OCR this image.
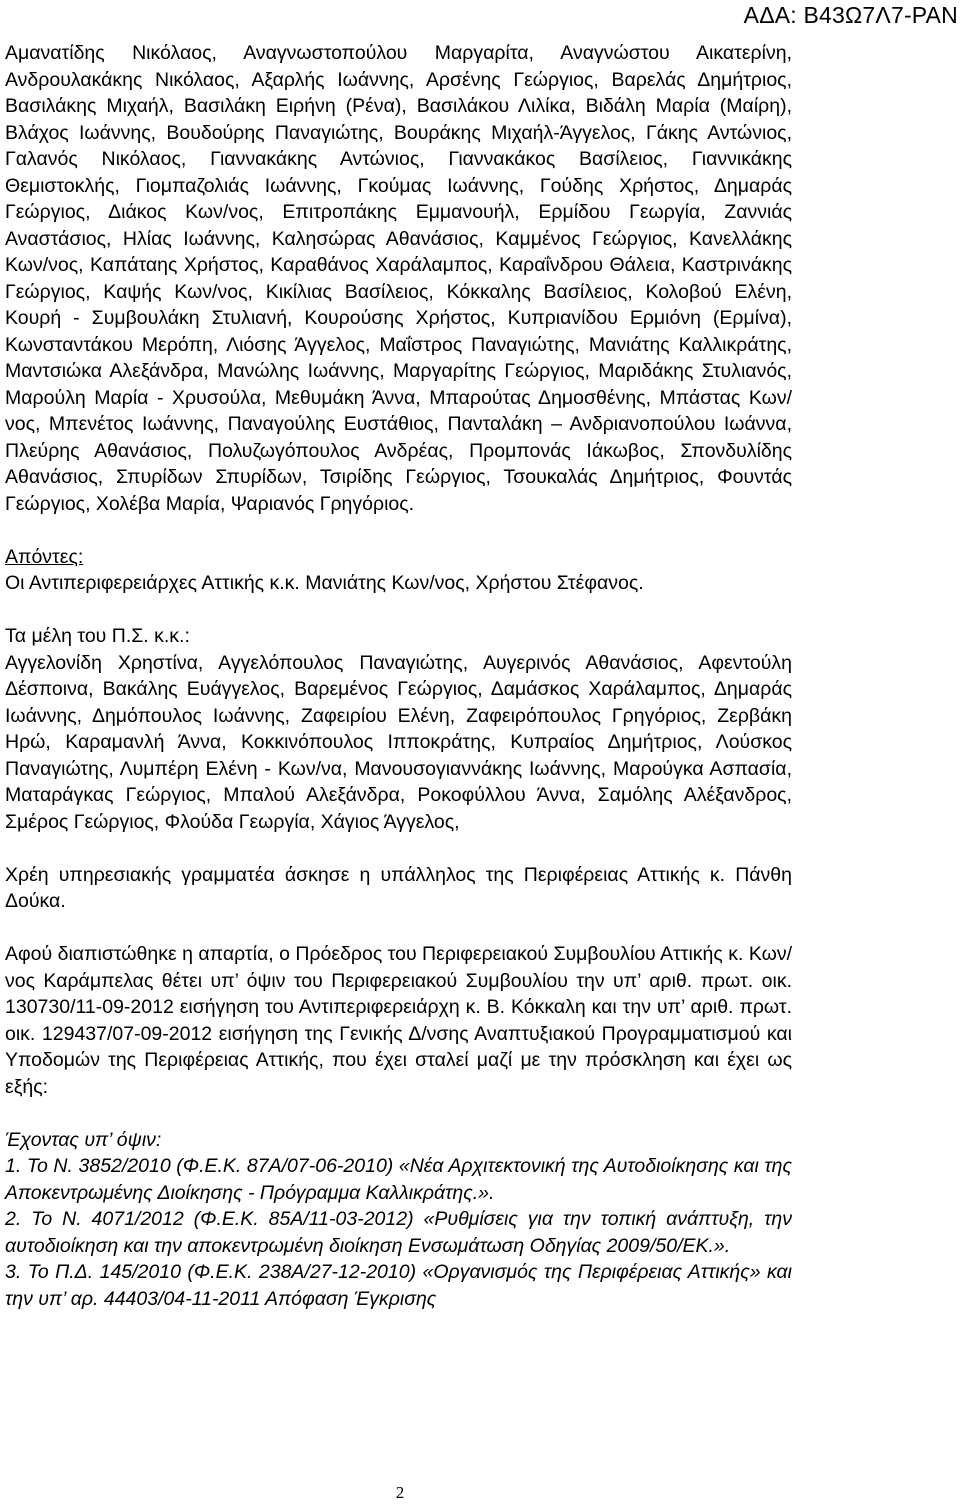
ΑΔΑ: Β43Ω7Λ7-ΡΑΝ

Αμανατίδης Νικόλαος, Αναγνωστοπούλου Μαργαρίτα, Αναγνώστου Αικατερίνη, Ανδρουλακάκης Νικόλαος, Αξαρλής Ιωάννης, Αρσένης Γεώργιος, Βαρελάς Δημήτριος, Βασιλάκης Μιχαήλ, Βασιλάκη Ειρήνη (Ρένα), Βασιλάκου Λιλίκα, Βιδάλη Μαρία (Μαίρη), Βλάχος Ιωάννης, Βουδούρης Παναγιώτης, Βουράκης Μιχαήλ-Άγγελος, Γάκης Αντώνιος, Γαλανός Νικόλαος, Γιαννακάκης Αντώνιος, Γιαννακάκος Βασίλειος, Γιαννικάκης Θεμιστοκλής, Γιομπαζολιάς Ιωάννης, Γκούμας Ιωάννης, Γούδης Χρήστος, Δημαράς Γεώργιος, Διάκος Κων/νος, Επιτροπάκης Εμμανουήλ, Ερμίδου Γεωργία, Ζαννιάς Αναστάσιος, Ηλίας Ιωάννης, Καλησώρας Αθανάσιος, Καμμένος Γεώργιος, Κανελλάκης Κων/νος, Καπάταης Χρήστος, Καραθάνος Χαράλαμπος, Καραΐνδρου Θάλεια, Καστρινάκης Γεώργιος, Καψής Κων/νος, Κικίλιας Βασίλειος, Κόκκαλης Βασίλειος, Κολοβού Ελένη, Κουρή - Συμβουλάκη Στυλιανή, Κουρούσης Χρήστος, Κυπριανίδου Ερμιόνη (Ερμίνα), Κωνσταντάκου Μερόπη, Λιόσης Άγγελος, Μαΐστρος Παναγιώτης, Μανιάτης Καλλικράτης, Μαντσιώκα Αλεξάνδρα, Μανώλης Ιωάννης, Μαργαρίτης Γεώργιος, Μαριδάκης Στυλιανός, Μαρούλη Μαρία - Χρυσούλα, Μεθυμάκη Άννα, Μπαρούτας Δημοσθένης, Μπάστας Κων/νος, Μπενέτος Ιωάννης, Παναγούλης Ευστάθιος, Πανταλάκη – Ανδριανοπούλου Ιωάννα, Πλεύρης Αθανάσιος, Πολυζωγόπουλος Ανδρέας, Προμπονάς Ιάκωβος, Σπονδυλίδης Αθανάσιος, Σπυρίδων Σπυρίδων, Τσιρίδης Γεώργιος, Τσουκαλάς Δημήτριος, Φουντάς Γεώργιος, Χολέβα Μαρία, Ψαριανός Γρηγόριος.

Απόντες:

Οι Αντιπεριφερειάρχες Αττικής κ.κ. Μανιάτης Κων/νος, Χρήστου Στέφανος.

Τα μέλη του Π.Σ. κ.κ.:

Αγγελονίδη Χρηστίνα, Αγγελόπουλος Παναγιώτης, Αυγερινός Αθανάσιος, Αφεντούλη Δέσποινα, Βακάλης Ευάγγελος, Βαρεμένος Γεώργιος, Δαμάσκος Χαράλαμπος, Δημαράς Ιωάννης, Δημόπουλος Ιωάννης, Ζαφειρίου Ελένη, Ζαφειρόπουλος Γρηγόριος, Ζερβάκη Ηρώ, Καραμανλή Άννα, Κοκκινόπουλος Ιπποκράτης, Κυπραίος Δημήτριος, Λούσκος Παναγιώτης, Λυμπέρη Ελένη - Κων/να, Μανουσογιαννάκης Ιωάννης, Μαρούγκα Ασπασία, Ματαράγκας Γεώργιος, Μπαλού Αλεξάνδρα, Ροκοφύλλου Άννα, Σαμόλης Αλέξανδρος, Σμέρος Γεώργιος, Φλούδα Γεωργία, Χάγιος Άγγελος,

Χρέη υπηρεσιακής γραμματέα άσκησε η υπάλληλος της Περιφέρειας Αττικής κ. Πάνθη Δούκα.

Αφού διαπιστώθηκε η απαρτία, ο Πρόεδρος του Περιφερειακού Συμβουλίου Αττικής κ. Κων/νος Καράμπελας θέτει υπ’ όψιν του Περιφερειακού Συμβουλίου την υπ’ αριθ. πρωτ. οικ. 130730/11-09-2012 εισήγηση του Αντιπεριφερειάρχη κ. Β. Κόκκαλη και την υπ’ αριθ. πρωτ. οικ. 129437/07-09-2012 εισήγηση της Γενικής Δ/νσης Αναπτυξιακού Προγραμματισμού και Υποδομών της Περιφέρειας Αττικής, που έχει σταλεί μαζί με την πρόσκληση και έχει ως εξής:

Έχοντας υπ’ όψιν:

1. Το Ν. 3852/2010 (Φ.Ε.Κ. 87Α/07-06-2010) «Νέα Αρχιτεκτονική της Αυτοδιοίκησης και της Αποκεντρωμένης Διοίκησης - Πρόγραμμα Καλλικράτης.».

2. Το Ν. 4071/2012 (Φ.Ε.Κ. 85Α/11-03-2012) «Ρυθμίσεις για την τοπική ανάπτυξη, την αυτοδιοίκηση και την αποκεντρωμένη διοίκηση Ενσωμάτωση Οδηγίας 2009/50/ΕΚ.».

3. Το Π.Δ. 145/2010 (Φ.Ε.Κ. 238Α/27-12-2010) «Οργανισμός της Περιφέρειας Αττικής» και την υπ’ αρ. 44403/04-11-2011 Απόφαση Έγκρισης

2
